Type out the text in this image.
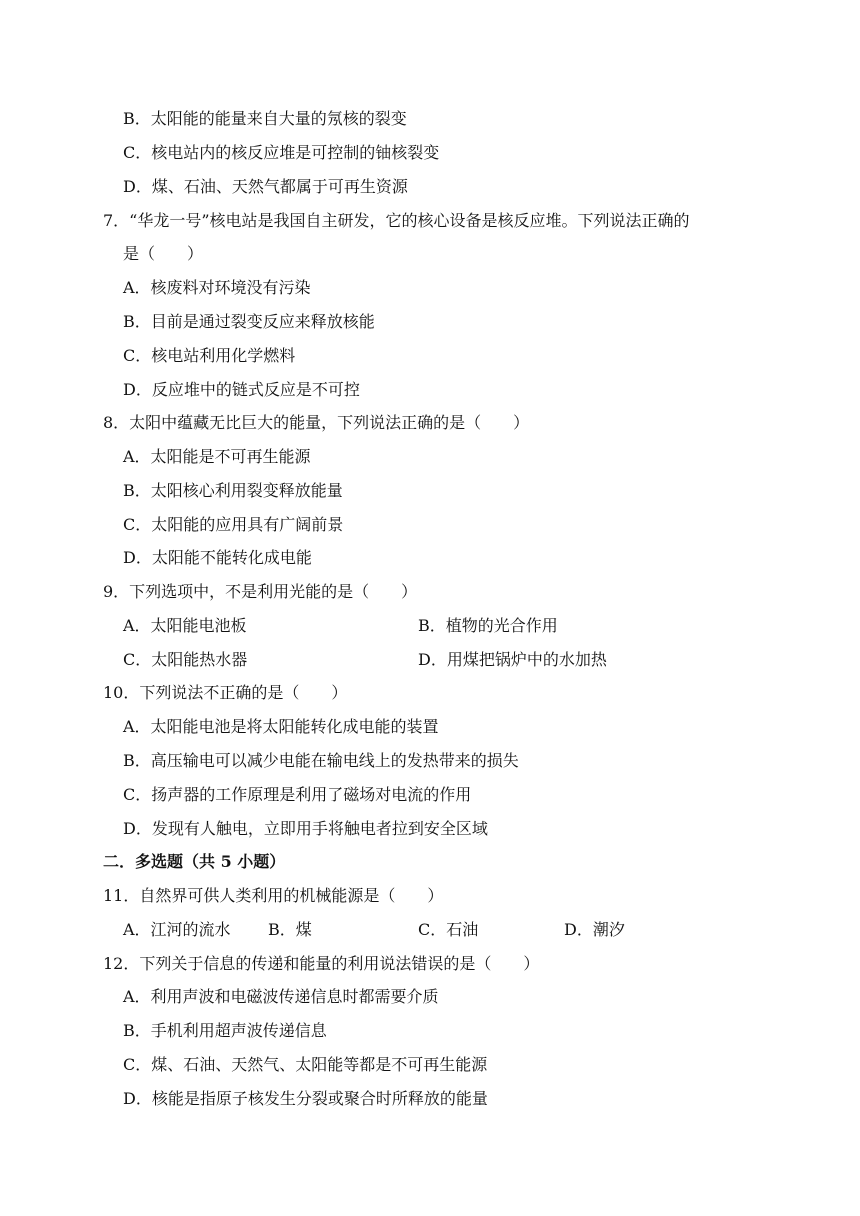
B．太阳能的能量来自大量的氖核的裂变
C．核电站内的核反应堆是可控制的铀核裂变
D．煤、石油、天然气都属于可再生资源
7．“华龙一号”核电站是我国自主研发，它的核心设备是核反应堆。下列说法正确的
是（　　）
A．核废料对环境没有污染
B．目前是通过裂变反应来释放核能
C．核电站利用化学燃料
D．反应堆中的链式反应是不可控
8．太阳中蕴藏无比巨大的能量，下列说法正确的是（　　）
A．太阳能是不可再生能源
B．太阳核心利用裂变释放能量
C．太阳能的应用具有广阔前景
D．太阳能不能转化成电能
9．下列选项中，不是利用光能的是（　　）
A．太阳能电池板	B．植物的光合作用
C．太阳能热水器	D．用煤把锅炉中的水加热
10．下列说法不正确的是（　　）
A．太阳能电池是将太阳能转化成电能的装置
B．高压输电可以减少电能在输电线上的发热带来的损失
C．扬声器的工作原理是利用了磁场对电流的作用
D．发现有人触电，立即用手将触电者拉到安全区域
二．多选题（共 5 小题）
11．自然界可供人类利用的机械能源是（　　）
A．江河的流水 B．煤	C．石油	D．潮汐
12．下列关于信息的传递和能量的利用说法错误的是（　　）
A．利用声波和电磁波传递信息时都需要介质
B．手机利用超声波传递信息
C．煤、石油、天然气、太阳能等都是不可再生能源
D．核能是指原子核发生分裂或聚合时所释放的能量
